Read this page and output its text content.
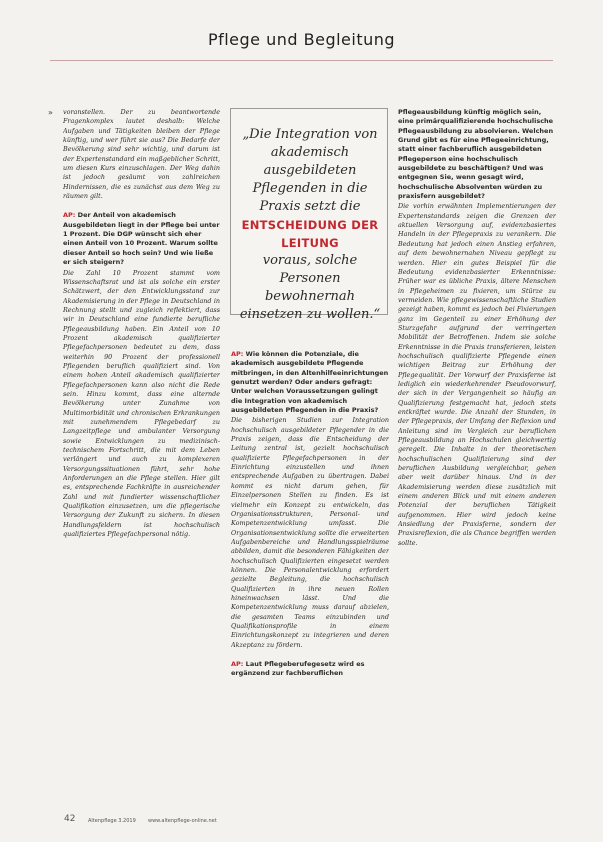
Pflege und Begleitung
» voranstellen. Der zu beantwortende Fragenkomplex lautet deshalb: Welche Aufgaben und Tätigkeiten bleiben der Pflege künftig, und wer führt sie aus? Die Bedarfe der Bevölkerung sind sehr wichtig, und darum ist der Expertenstandard ein maßgeblicher Schritt, um diesen Kurs einzuschlagen. Der Weg dahin ist jedoch gesäumt von zahlreichen Hindernissen, die es zunächst aus dem Weg zu räumen gilt.

AP: Der Anteil von akademisch Ausgebildeten liegt in der Pflege bei unter 1 Prozent. Die DGP wünscht sich eher einen Anteil von 10 Prozent. Warum sollte dieser Anteil so hoch sein? Und wie ließe er sich steigern?

Die Zahl 10 Prozent stammt vom Wissenschaftsrat und ist als solche ein erster Schätzwert, der den Entwicklungsstand zur Akademisierung in der Pflege in Deutschland in Rechnung stellt und zugleich reflektiert, dass wir in Deutschland eine fundierte berufliche Pflegeausbildung haben. Ein Anteil von 10 Prozent akademisch qualifizierter Pflegefachpersonen bedeutet zu dem, dass weiterhin 90 Prozent der professionell Pflegenden beruflich qualifiziert sind. Von einem hohen Anteil akademisch qualifizierter Pflegefachpersonen kann also nicht die Rede sein. Hinzu kommt, dass eine alternde Bevölkerung unter Zunahme von Multimorbidität und chronischen Erkrankungen mit zunehmendem Pflegebedarf zu Langzeitpflege und ambulanter Versorgung sowie Entwicklungen zu medizinisch-technischem Fortschritt, die mit dem Leben verlängert und auch zu komplexeren Versorgungssituationen führt, sehr hohe Anforderungen an die Pflege stellen. Hier gilt es, entsprechende Fachkräfte in ausreichender Zahl und mit fundierter wissenschaftlicher Qualifikation einzusetzen, um die pflegerische Versorgung der Zukunft zu sichern. In diesen Handlungsfeldern ist hochschulisch qualifiziertes Pflegefachpersonal nötig.

„Die Integration von akademisch ausgebildeten Pflegenden in die Praxis setzt die
ENTSCHEIDUNG DER LEITUNG
voraus, solche Personen bewohnernah einsetzen zu wollen.“

AP: Wie können die Potenziale, die akademisch ausgebildete Pflegende mitbringen, in den Altenhilfeeinrichtungen genutzt werden? Oder anders gefragt: Unter welchen Voraussetzungen gelingt die Integration von akademisch ausgebildeten Pflegenden in die Praxis?

Die bisherigen Studien zur Integration hochschulisch ausgebildeter Pflegender in die Praxis zeigen, dass die Entscheidung der Leitung zentral ist, gezielt hochschulisch qualifizierte Pflegefachpersonen in der Einrichtung einzustellen und ihnen entsprechende Aufgaben zu übertragen. Dabei kommt es nicht darum gehen, für Einzelpersonen Stellen zu finden. Es ist vielmehr ein Konzept zu entwickeln, das Organisationsstrukturen, Personal- und Kompetenzentwicklung umfasst. Die Organisationsentwicklung sollte die erweiterten Aufgabenbereiche und Handlungsspielräume abbilden, damit die besonderen Fähigkeiten der hochschulisch Qualifizierten eingesetzt werden können. Die Personalentwicklung erfordert gezielte Begleitung, die hochschulisch Qualifizierten in ihre neuen Rollen hineinwachsen lässt. Und die Kompetenzentwicklung muss darauf abzielen, die gesamten Teams einzubinden und Qualifikationsprofile in einem Einrichtungskonzept zu integrieren und deren Akzeptanz zu fördern.

AP: Laut Pflegeberufegesetz wird es ergänzend zur fachberuflichen

Pflegeausbildung künftig möglich sein, eine primärqualifizierende hochschulische Pflegeausbildung zu absolvieren. Welchen Grund gibt es für eine Pflegeeinrichtung, statt einer fachberuflich ausgebildeten Pflegeperson eine hochschulisch ausgebildete zu beschäftigen? Und was entgegnen Sie, wenn gesagt wird, hochschulische Absolventen würden zu praxisfern ausgebildet?

Die vorhin erwähnten Implementierungen der Expertenstandards zeigen die Grenzen der aktuellen Versorgung auf, evidenzbasiertes Handeln in der Pflegepraxis zu verankern. Die Bedeutung hat jedoch einen Anstieg erfahren, auf dem bewohnernahen Niveau gepflegt zu werden. Hier ein gutes Beispiel für die Bedeutung evidenzbasierter Erkenntnisse: Früher war es übliche Praxis, ältere Menschen in Pflegeheimen zu fixieren, um Stürze zu vermeiden. Wie pflegewissenschaftliche Studien gezeigt haben, kommt es jedoch bei Fixierungen ganz im Gegenteil zu einer Erhöhung der Sturzgefahr aufgrund der verringerten Mobilität der Betroffenen. Indem sie solche Erkenntnisse in die Praxis transferieren, leisten hochschulisch qualifizierte Pflegende einen wichtigen Beitrag zur Erhöhung der Pflegequalität. Der Vorwurf der Praxisferne ist lediglich ein wiederkehrender Pseudovorwurf, der sich in der Vergangenheit so häufig an Qualifizierung festgemacht hat, jedoch stets entkräftet wurde. Die Anzahl der Stunden, in der Pflegepraxis, der Umfang der Reflexion und Anleitung sind im Vergleich zur beruflichen Pflegeausbildung an Hochschulen gleichwertig geregelt. Die Inhalte in der theoretischen hochschulischen Qualifizierung sind der beruflichen Ausbildung vergleichbar, gehen aber weit darüber hinaus. Und in der Akademisierung werden diese zusätzlich mit einem anderen Blick und mit einem anderen Potenzial der beruflichen Tätigkeit aufgenommen. Hier wird jedoch keine Ansiedlung der Praxisferne, sondern der Praxisreflexion, die als Chance begriffen werden sollte.

42	Altenpflege 3.2019 www.altenpflege-online.net
